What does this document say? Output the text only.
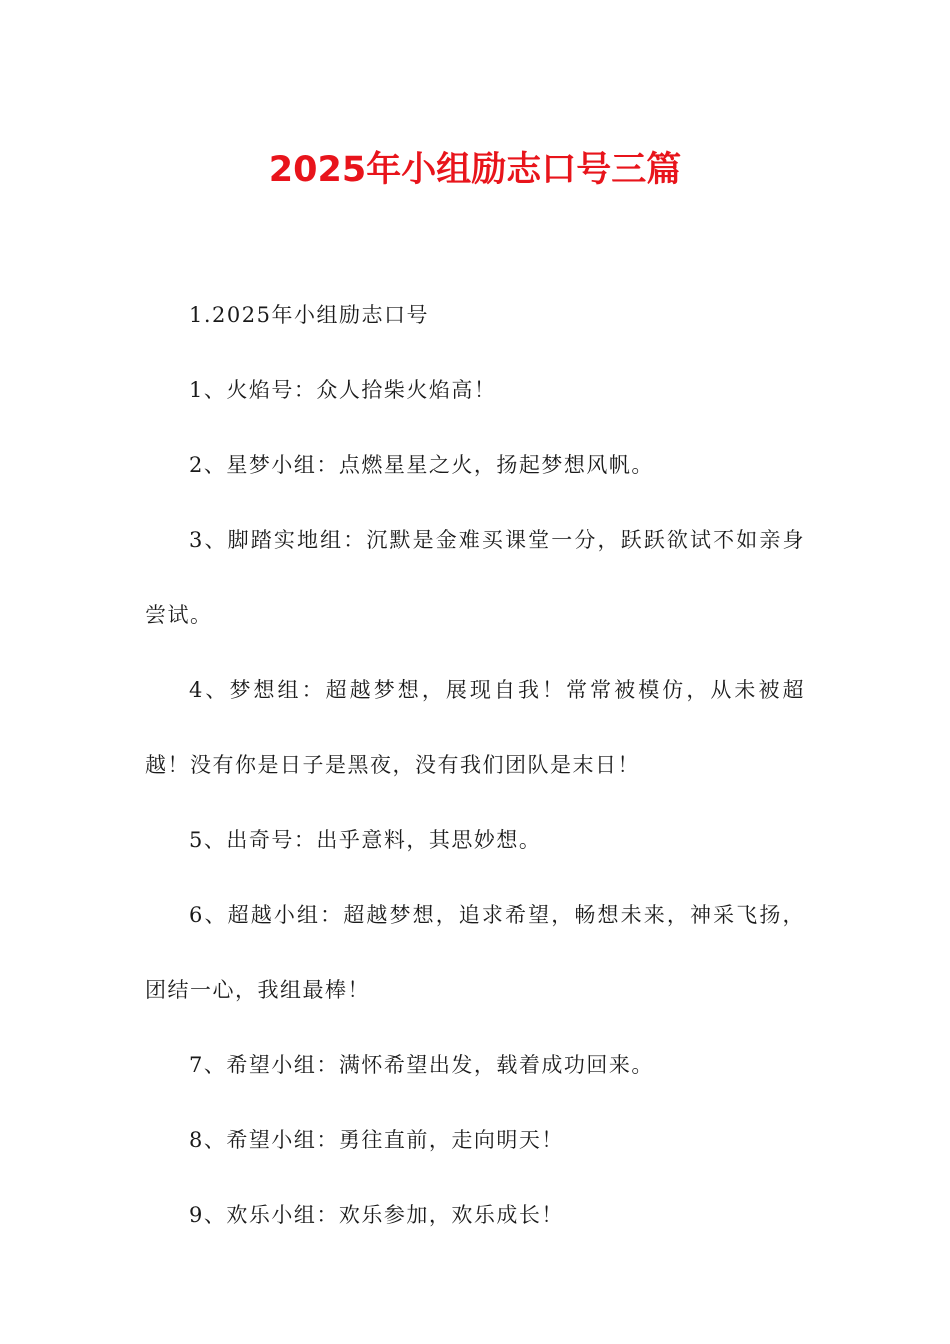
2025年小组励志口号三篇

1.2025年小组励志口号

1、火焰号：众人拾柴火焰高！

2、星梦小组：点燃星星之火，扬起梦想风帆。

3、脚踏实地组：沉默是金难买课堂一分，跃跃欲试不如亲身尝试。

4、梦想组：超越梦想，展现自我！常常被模仿，从未被超越！没有你是日子是黑夜，没有我们团队是末日！

5、出奇号：出乎意料，其思妙想。

6、超越小组：超越梦想，追求希望，畅想未来，神采飞扬，团结一心，我组最棒！

7、希望小组：满怀希望出发，载着成功回来。

8、希望小组：勇往直前，走向明天！

9、欢乐小组：欢乐参加，欢乐成长！
